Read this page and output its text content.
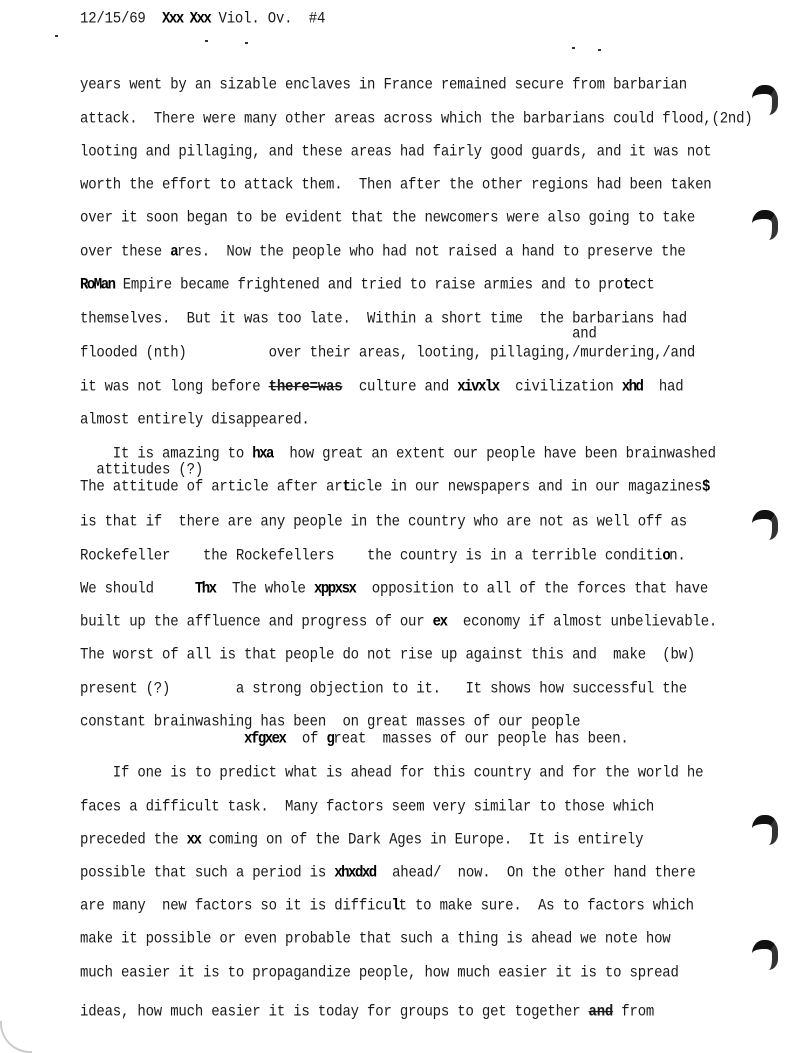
12/15/69  Xxx Xxx Viol. Ov.  #4
years went by an sizable enclaves in France remained secure from barbarian
attack.  There were many other areas across which the barbarians could flood,(2nd)
looting and pillaging, and these areas had fairly good guards, and it was not
worth the effort to attack them.  Then after the other regions had been taken
over it soon began to be evident that the newcomers were also going to take
over these ares.  Now the people who had not raised a hand to preserve the
RoMan Empire became frightened and tried to raise armies and to protect
themselves.  But it was too late.  Within a short time  the barbarians had
and
flooded (nth)          over their areas, looting, pillaging,/murdering,/and
it was not long before there=was  culture and xivxlx  civilization xhd  had
almost entirely disappeared.
It is amazing to hxa  how great an extent our people have been brainwashed
attitudes (?)
The attitude of article after article in our newspapers and in our magazines$
is that if  there are any people in the country who are not as well off as
Rockefeller    the Rockefellers    the country is in a terrible condition.
We should     Thx  The whole xppxsx  opposition to all of the forces that have
built up the affluence and progress of our ex  economy if almost unbelievable.
The worst of all is that people do not rise up against this and  make  (bw)
present (?)        a strong objection to it.   It shows how successful the
constant brainwashing has been  on great masses of our people
xfgxex  of great  masses of our people has been.
If one is to predict what is ahead for this country and for the world he
faces a difficult task.  Many factors seem very similar to those which
preceded the xx coming on of the Dark Ages in Europe.  It is entirely
possible that such a period is xhxdxd  ahead/  now.  On the other hand there
are many  new factors so it is difficult to make sure.  As to factors which
make it possible or even probable that such a thing is ahead we note how
much easier it is to propagandize people, how much easier it is to spread
ideas, how much easier it is today for groups to get together and from
